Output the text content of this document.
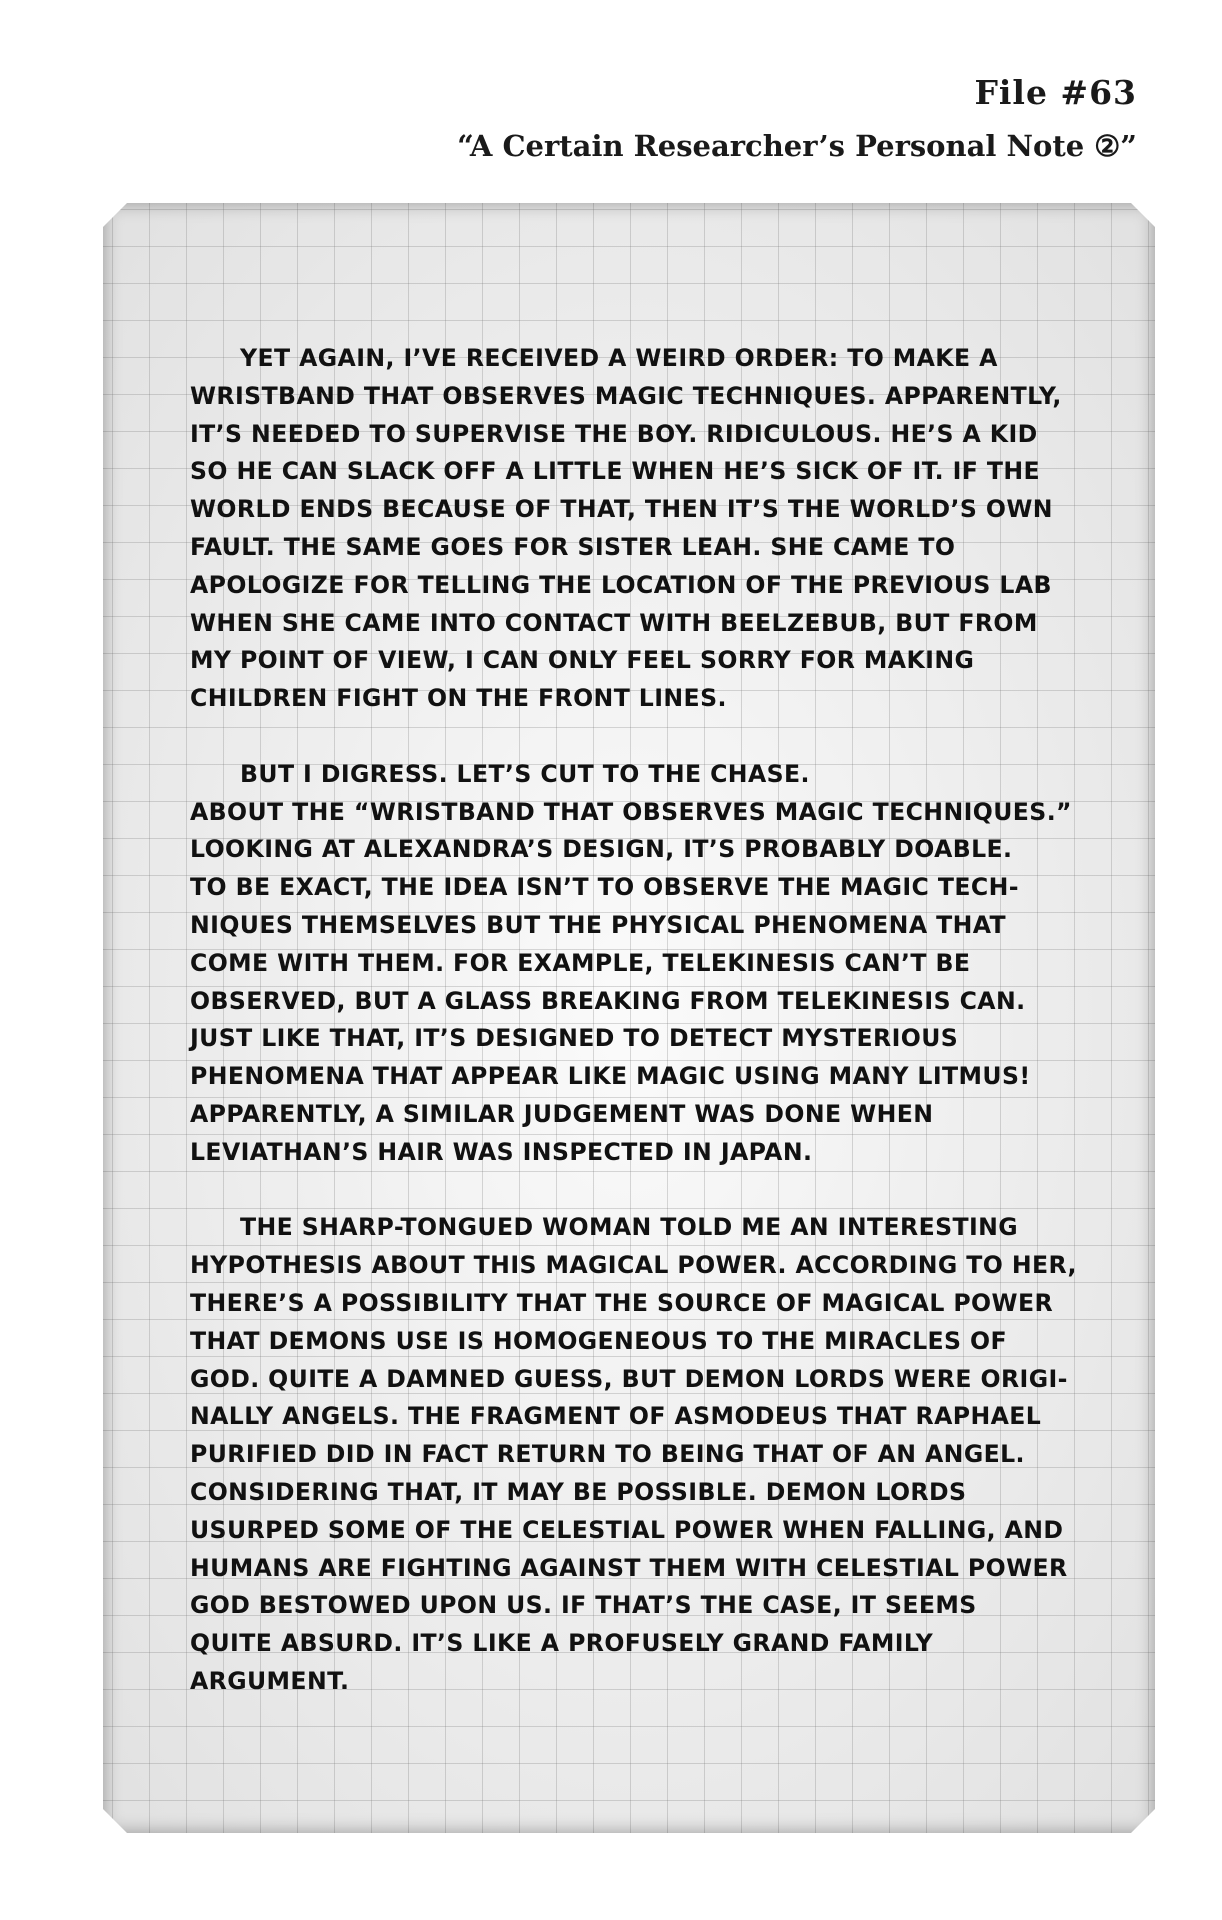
File #63
“A Certain Researcher’s Personal Note ②”

YET AGAIN, I’VE RECEIVED A WEIRD ORDER: TO MAKE A
WRISTBAND THAT OBSERVES MAGIC TECHNIQUES. APPARENTLY,
IT’S NEEDED TO SUPERVISE THE BOY. RIDICULOUS. HE’S A KID
SO HE CAN SLACK OFF A LITTLE WHEN HE’S SICK OF IT. IF THE
WORLD ENDS BECAUSE OF THAT, THEN IT’S THE WORLD’S OWN
FAULT. THE SAME GOES FOR SISTER LEAH. SHE CAME TO
APOLOGIZE FOR TELLING THE LOCATION OF THE PREVIOUS LAB
WHEN SHE CAME INTO CONTACT WITH BEELZEBUB, BUT FROM
MY POINT OF VIEW, I CAN ONLY FEEL SORRY FOR MAKING
CHILDREN FIGHT ON THE FRONT LINES.

BUT I DIGRESS. LET’S CUT TO THE CHASE.
ABOUT THE “WRISTBAND THAT OBSERVES MAGIC TECHNIQUES.”
LOOKING AT ALEXANDRA’S DESIGN, IT’S PROBABLY DOABLE.
TO BE EXACT, THE IDEA ISN’T TO OBSERVE THE MAGIC TECH-
NIQUES THEMSELVES BUT THE PHYSICAL PHENOMENA THAT
COME WITH THEM. FOR EXAMPLE, TELEKINESIS CAN’T BE
OBSERVED, BUT A GLASS BREAKING FROM TELEKINESIS CAN.
JUST LIKE THAT, IT’S DESIGNED TO DETECT MYSTERIOUS
PHENOMENA THAT APPEAR LIKE MAGIC USING MANY LITMUS!
APPARENTLY, A SIMILAR JUDGEMENT WAS DONE WHEN
LEVIATHAN’S HAIR WAS INSPECTED IN JAPAN.

THE SHARP-TONGUED WOMAN TOLD ME AN INTERESTING
HYPOTHESIS ABOUT THIS MAGICAL POWER. ACCORDING TO HER,
THERE’S A POSSIBILITY THAT THE SOURCE OF MAGICAL POWER
THAT DEMONS USE IS HOMOGENEOUS TO THE MIRACLES OF
GOD. QUITE A DAMNED GUESS, BUT DEMON LORDS WERE ORIGI-
NALLY ANGELS. THE FRAGMENT OF ASMODEUS THAT RAPHAEL
PURIFIED DID IN FACT RETURN TO BEING THAT OF AN ANGEL.
CONSIDERING THAT, IT MAY BE POSSIBLE. DEMON LORDS
USURPED SOME OF THE CELESTIAL POWER WHEN FALLING, AND
HUMANS ARE FIGHTING AGAINST THEM WITH CELESTIAL POWER
GOD BESTOWED UPON US. IF THAT’S THE CASE, IT SEEMS
QUITE ABSURD. IT’S LIKE A PROFUSELY GRAND FAMILY
ARGUMENT.
